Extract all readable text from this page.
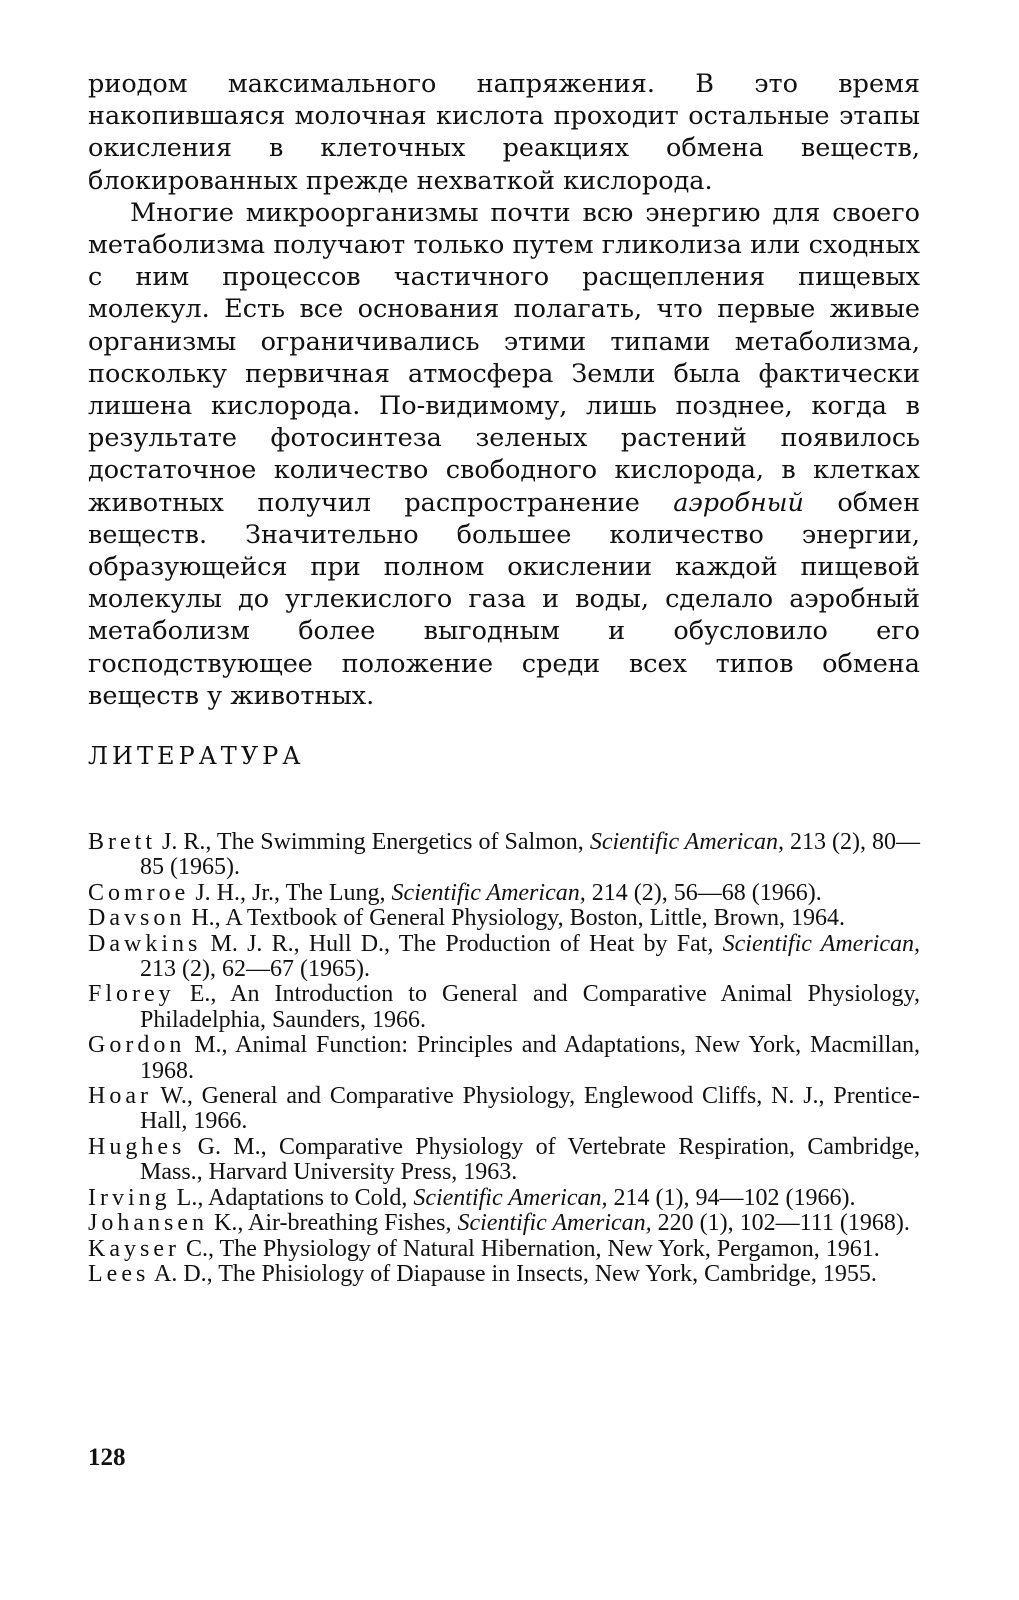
риодом максимального напряжения. В это время накопившаяся молочная кислота проходит остальные этапы окисления в клеточных реакциях обмена веществ, блокированных прежде нехваткой кислорода.

Многие микроорганизмы почти всю энергию для своего метаболизма получают только путем гликолиза или сходных с ним процессов частичного расщепления пищевых молекул. Есть все основания полагать, что первые живые организмы ограничивались этими типами метаболизма, поскольку первичная атмосфера Земли была фактически лишена кислорода. По-видимому, лишь позднее, когда в результате фотосинтеза зеленых растений появилось достаточное количество свободного кислорода, в клетках животных получил распространение аэробный обмен веществ. Значительно большее количество энергии, образующейся при полном окислении каждой пищевой молекулы до углекислого газа и воды, сделало аэробный метаболизм более выгодным и обусловило его господствующее положение среди всех типов обмена веществ у животных.

ЛИТЕРАТУРА
Brett J. R., The Swimming Energetics of Salmon, Scientific American, 213 (2), 80—85 (1965).
Comroe J. H., Jr., The Lung, Scientific American, 214 (2), 56—68 (1966).
Davson H., A Textbook of General Physiology, Boston, Little, Brown, 1964.
Dawkins M. J. R., Hull D., The Production of Heat by Fat, Scientific American, 213 (2), 62—67 (1965).
Florey E., An Introduction to General and Comparative Animal Physiology, Philadelphia, Saunders, 1966.
Gordon M., Animal Function: Principles and Adaptations, New York, Macmillan, 1968.
Hoar W., General and Comparative Physiology, Englewood Cliffs, N. J., Prentice-Hall, 1966.
Hughes G. M., Comparative Physiology of Vertebrate Respiration, Cambridge, Mass., Harvard University Press, 1963.
Irving L., Adaptations to Cold, Scientific American, 214 (1), 94—102 (1966).
Johansen K., Air-breathing Fishes, Scientific American, 220 (1), 102—111 (1968).
Kayser C., The Physiology of Natural Hibernation, New York, Pergamon, 1961.
Lees A. D., The Phisiology of Diapause in Insects, New York, Cambridge, 1955.
128
